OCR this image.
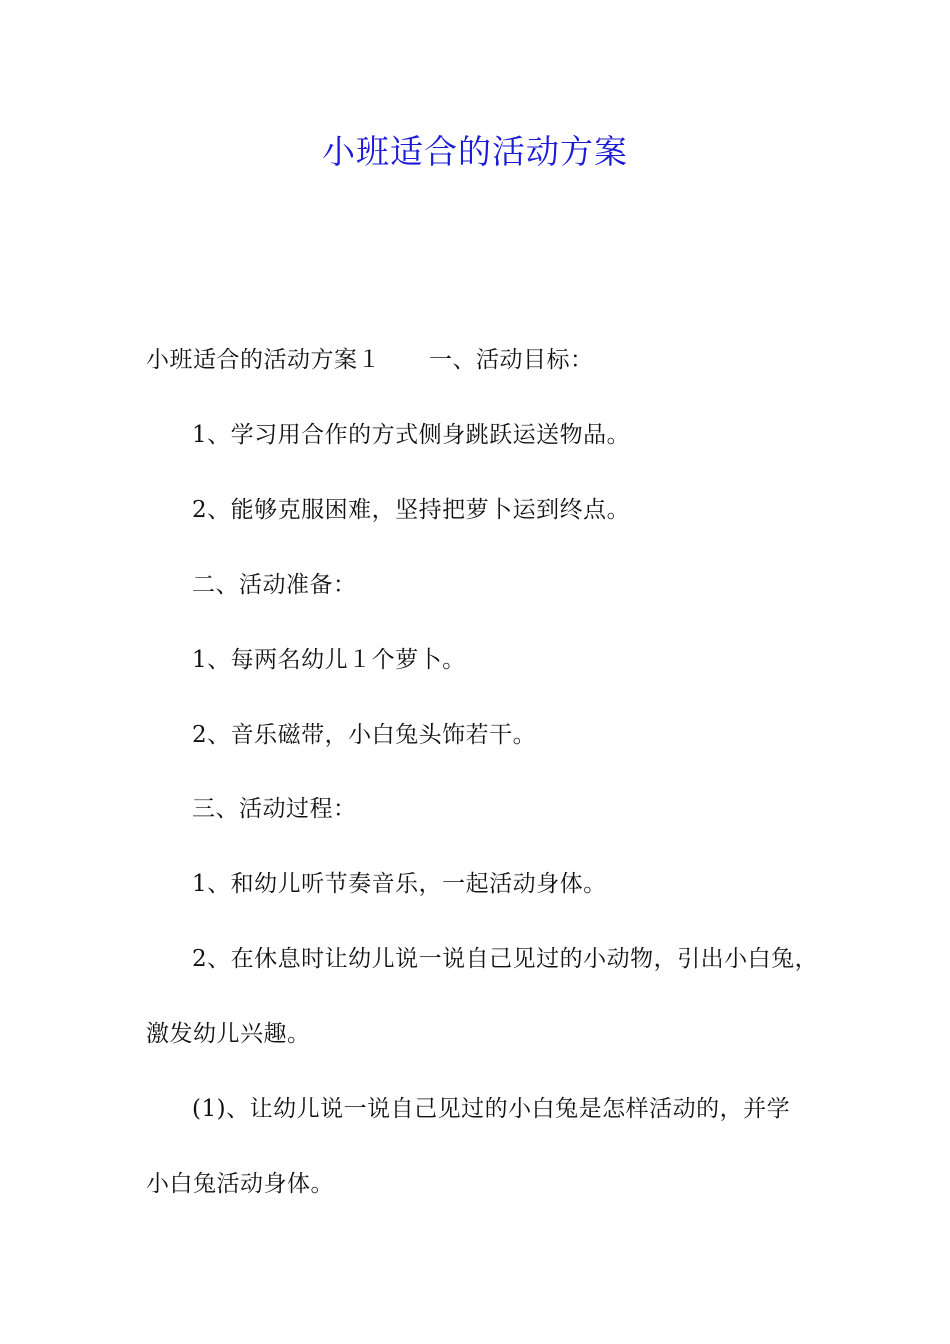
小班适合的活动方案
小班适合的活动方案１ 一、活动目标：
1、学习用合作的方式侧身跳跃运送物品。
2、能够克服困难，坚持把萝卜运到终点。
二、活动准备：
1、每两名幼儿１个萝卜。
2、音乐磁带，小白兔头饰若干。
三、活动过程：
1、和幼儿听节奏音乐，一起活动身体。
2、在休息时让幼儿说一说自己见过的小动物，引出小白兔，
激发幼儿兴趣。
(1)、让幼儿说一说自己见过的小白兔是怎样活动的，并学
小白兔活动身体。
